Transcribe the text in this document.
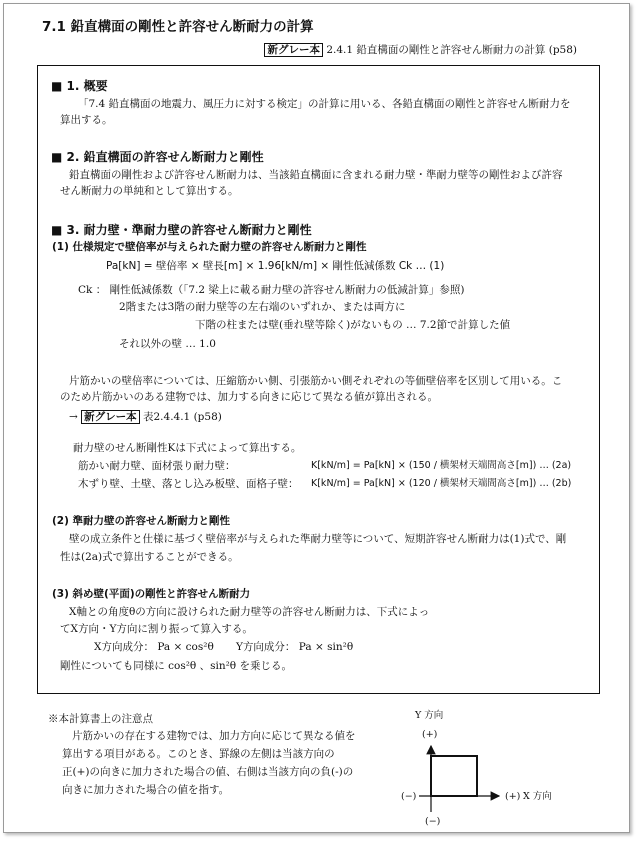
7.1 鉛直構面の剛性と許容せん断耐力の計算
新グレー本 2.4.1 鉛直構面の剛性と許容せん断耐力の計算 (p58)
■ 1. 概要
「7.4 鉛直構面の地震力、風圧力に対する検定」の計算に用いる、各鉛直構面の剛性と許容せん断耐力を
算出する。
■ 2. 鉛直構面の許容せん断耐力と剛性
鉛直構面の剛性および許容せん断耐力は、当該鉛直構面に含まれる耐力壁・準耐力壁等の剛性および許容
せん断耐力の単純和として算出する。
■ 3. 耐力壁・準耐力壁の許容せん断耐力と剛性
(1) 仕様規定で壁倍率が与えられた耐力壁の許容せん断耐力と剛性
Pa[kN] = 壁倍率 × 壁長[m] × 1.96[kN/m] × 剛性低減係数 Ck … (1)
Ck ： 剛性低減係数（「7.2 梁上に載る耐力壁の許容せん断耐力の低減計算」参照)
2階または3階の耐力壁等の左右端のいずれか、または両方に
下階の柱または壁(垂れ壁等除く)がないもの … 7.2節で計算した値
それ以外の壁 … 1.0
片筋かいの壁倍率については、圧縮筋かい側、引張筋かい側それぞれの等価壁倍率を区別して用いる。こ
のため片筋かいのある建物では、加力する向きに応じて異なる値が算出される。
→ 新グレー本 表2.4.4.1 (p58)
耐力壁のせん断剛性Kは下式によって算出する。
筋かい耐力壁、面材張り耐力壁：	K[kN/m] = Pa[kN] × (150 / 横架材天端間高さ[m]) … (2a)
木ずり壁、土壁、落とし込み板壁、面格子壁： K[kN/m] = Pa[kN] × (120 / 横架材天端間高さ[m]) … (2b)
(2) 準耐力壁の許容せん断耐力と剛性
壁の成立条件と仕様に基づく壁倍率が与えられた準耐力壁等について、短期許容せん断耐力は(1)式で、剛
性は(2a)式で算出することができる。
(3) 斜め壁(平面)の剛性と許容せん断耐力
X軸との角度θの方向に設けられた耐力壁等の許容せん断耐力は、下式によっ
てX方向・Y方向に割り振って算入する。
X方向成分： Pa × cos²θ Y方向成分： Pa × sin²θ
剛性についても同様に cos²θ 、sin²θ を乗じる。
※本計算書上の注意点
片筋かいの存在する建物では、加力方向に応じて異なる値を
算出する項目がある。このとき、罫線の左側は当該方向の
正(+)の向きに加力された場合の値、右側は当該方向の負(-)の
向きに加力された場合の値を指す。
Y 方向
(+)
(−)	(+) X 方向
(−)
